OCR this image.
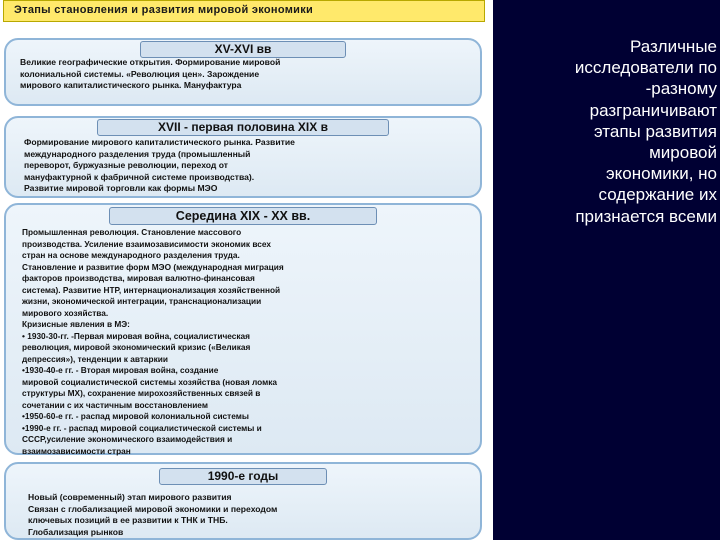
Этапы становления и развития мировой экономики
XV-XVI вв
Великие географические открытия. Формирование мировой
колониальной системы. «Революция цен». Зарождение
мирового капиталистического рынка. Мануфактура
XVII - первая половина XIX в
Формирование мирового капиталистического рынка. Развитие
международного разделения труда (промышленный
переворот, буржуазные революции, переход от
мануфактурной к фабричной системе производства).
Развитие мировой торговли как формы МЭО
Середина XIX - XX вв.
Промышленная революция. Становление массового
производства. Усиление взаимозависимости экономик всех
стран на основе международного разделения труда.
Становление и развитие форм МЭО (международная миграция
факторов производства, мировая валютно-финансовая
система). Развитие НТР, интернационализация хозяйственной
жизни, экономической интеграции, транснационализации
мирового хозяйства.
Кризисные явления в МЭ:
• 1930-30-гг. -Первая мировая война, социалистическая
революция, мировой экономический кризис («Великая
депрессия»), тенденции к автаркии
•1930-40-е гг. - Вторая мировая война, создание
мировой социалистической системы хозяйства (новая ломка
структуры МХ), сохранение мирохозяйственных связей в
сочетании с их частичным восстановлением
•1950-60-е гг. - распад мировой колониальной системы
•1990-е гг. - распад мировой социалистической системы и
СССР,усиление экономического взаимодействия и
взаимозависимости стран
1990-е годы
Новый (современный) этап мирового развития
Связан с глобализацией мировой экономики и переходом
ключевых позиций в ее развитии к ТНК и ТНБ.
Глобализация рынков
Различные
исследователи по
-разному
разграничивают
этапы развития
мировой
экономики, но
содержание их
признается всеми
